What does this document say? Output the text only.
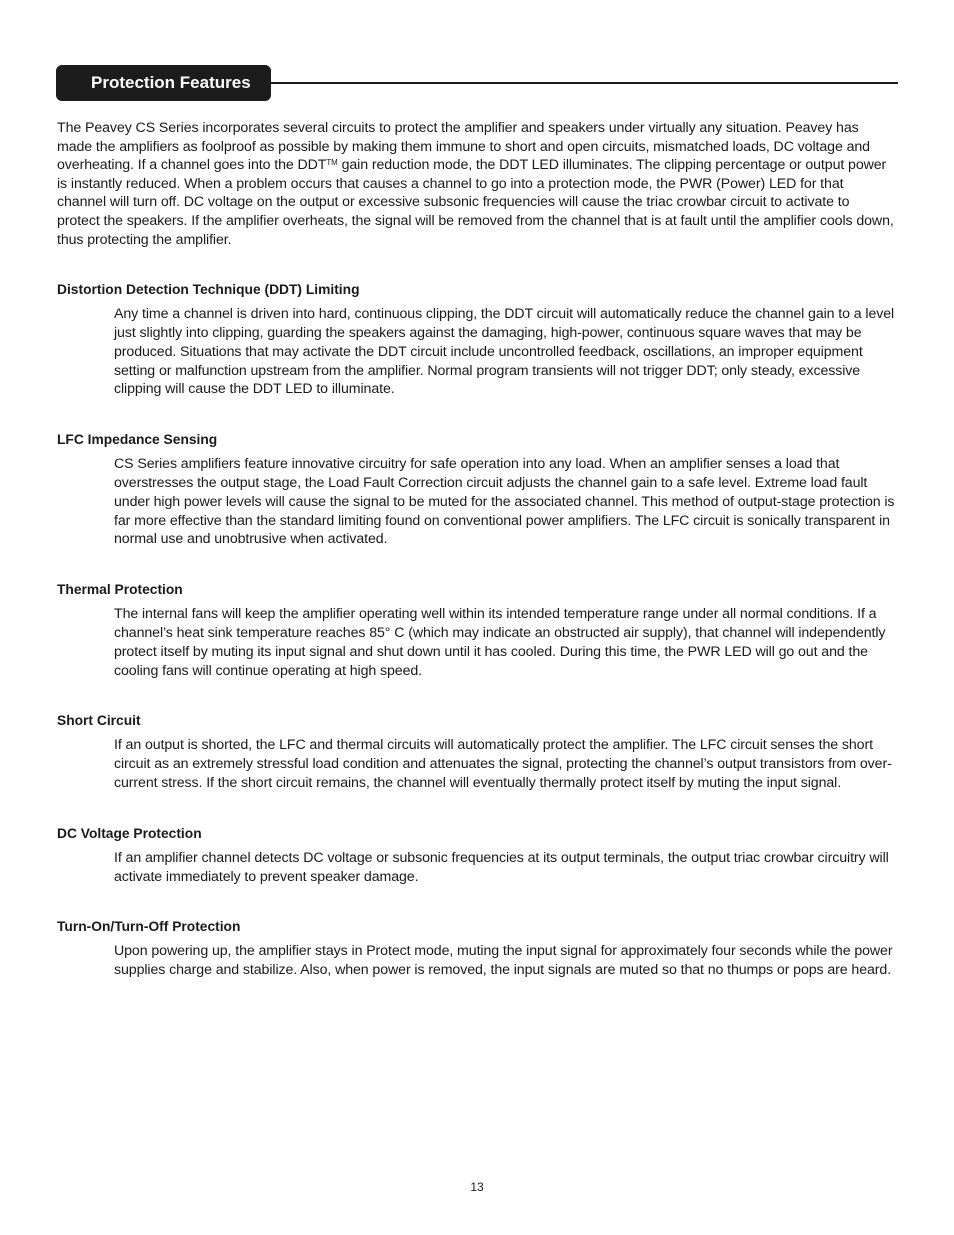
Protection Features

The Peavey CS Series incorporates several circuits to protect the amplifier and speakers under virtually any situation. Peavey has made the amplifiers as foolproof as possible by making them immune to short and open circuits, mismatched loads, DC voltage and overheating. If a channel goes into the DDT™ gain reduction mode, the DDT LED illuminates. The clipping percentage or output power is instantly reduced. When a problem occurs that causes a channel to go into a protection mode, the PWR (Power) LED for that channel will turn off. DC voltage on the output or excessive subsonic frequencies will cause the triac crowbar circuit to activate to protect the speakers. If the amplifier overheats, the signal will be removed from the channel that is at fault until the amplifier cools down, thus protecting the amplifier.

Distortion Detection Technique (DDT) Limiting

Any time a channel is driven into hard, continuous clipping, the DDT circuit will automatically reduce the channel gain to a level just slightly into clipping, guarding the speakers against the damaging, high-power, continuous square waves that may be produced. Situations that may activate the DDT circuit include uncontrolled feedback, oscillations, an improper equipment setting or malfunction upstream from the amplifier. Normal program transients will not trigger DDT; only steady, excessive clipping will cause the DDT LED to illuminate.

LFC Impedance Sensing

CS Series amplifiers feature innovative circuitry for safe operation into any load. When an amplifier senses a load that overstresses the output stage, the Load Fault Correction circuit adjusts the channel gain to a safe level. Extreme load fault under high power levels will cause the signal to be muted for the associated channel. This method of output-stage protection is far more effective than the standard limiting found on conventional power amplifiers. The LFC circuit is sonically transparent in normal use and unobtrusive when activated.

Thermal Protection

The internal fans will keep the amplifier operating well within its intended temperature range under all normal conditions. If a channel’s heat sink temperature reaches 85° C (which may indicate an obstructed air supply), that channel will independently protect itself by muting its input signal and shut down until it has cooled. During this time, the PWR LED will go out and the cooling fans will continue operating at high speed.

Short Circuit

If an output is shorted, the LFC and thermal circuits will automatically protect the amplifier. The LFC circuit senses the short circuit as an extremely stressful load condition and attenuates the signal, protecting the channel’s output transistors from over-current stress. If the short circuit remains, the channel will eventually thermally protect itself by muting the input signal.

DC Voltage Protection

If an amplifier channel detects DC voltage or subsonic frequencies at its output terminals, the output triac crowbar circuitry will activate immediately to prevent speaker damage.

Turn-On/Turn-Off Protection

Upon powering up, the amplifier stays in Protect mode, muting the input signal for approximately four seconds while the power supplies charge and stabilize. Also, when power is removed, the input signals are muted so that no thumps or pops are heard.

13
